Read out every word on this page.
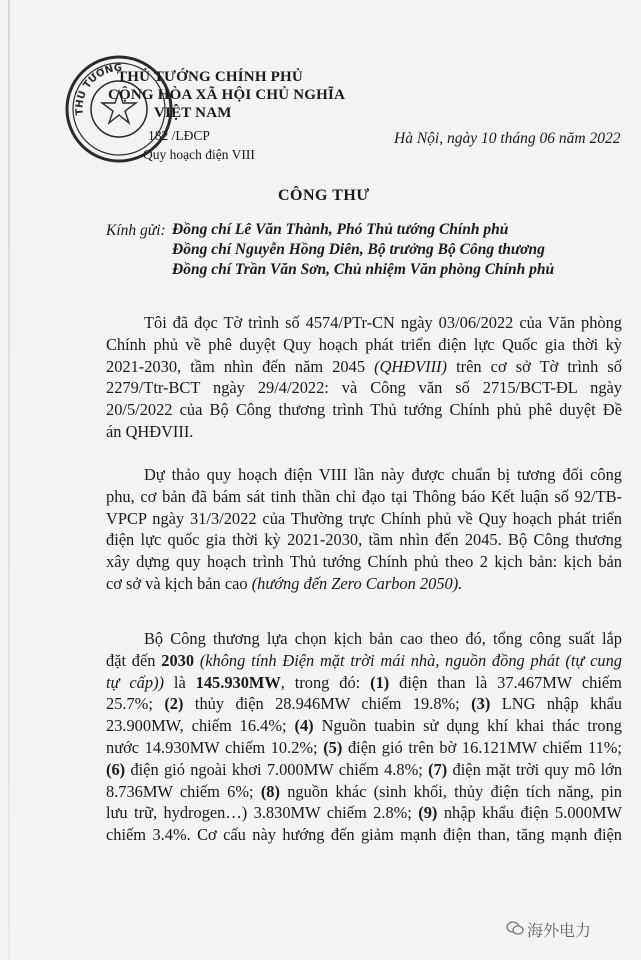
THỦ TƯỚNG
THỦ TƯỚNG CHÍNH PHỦ
CỘNG HÒA XÃ HỘI CHỦ NGHĨA
VIỆT NAM
182 /LĐCP
Quy hoạch điện VIII
Hà Nội, ngày 10 tháng 06 năm 2022
CÔNG THƯ
Kính gửi: Đồng chí Lê Văn Thành, Phó Thủ tướng Chính phủ
Đồng chí Nguyễn Hồng Diên, Bộ trưởng Bộ Công thương
Đồng chí Trần Văn Sơn, Chủ nhiệm Văn phòng Chính phủ
Tôi đã đọc Tờ trình số 4574/PTr-CN ngày 03/06/2022 của Văn phòng
Chính phủ về phê duyệt Quy hoạch phát triển điện lực Quốc gia thời kỳ
2021-2030, tầm nhìn đến năm 2045 (QHĐVIII) trên cơ sở Tờ trình số
2279/Ttr-BCT ngày 29/4/2022: và Công văn số 2715/BCT-ĐL ngày
20/5/2022 của Bộ Công thương trình Thủ tướng Chính phủ phê duyệt Đề
án QHĐVIII.
Dự thảo quy hoạch điện VIII lần này được chuẩn bị tương đối công
phu, cơ bản đã bám sát tinh thần chỉ đạo tại Thông báo Kết luận số 92/TB-
VPCP ngày 31/3/2022 của Thường trực Chính phủ về Quy hoạch phát triển
điện lực quốc gia thời kỳ 2021-2030, tầm nhìn đến 2045. Bộ Công thương
xây dựng quy hoạch trình Thủ tướng Chính phủ theo 2 kịch bản: kịch bản
cơ sở và kịch bản cao (hướng đến Zero Carbon 2050).
Bộ Công thương lựa chọn kịch bản cao theo đó, tổng công suất lắp
đặt đến 2030 (không tính Điện mặt trời mái nhà, nguồn đồng phát (tự cung
tự cấp)) là 145.930MW, trong đó: (1) điện than là 37.467MW chiếm
25.7%; (2) thủy điện 28.946MW chiếm 19.8%; (3) LNG nhập khẩu
23.900MW, chiếm 16.4%; (4) Nguồn tuabin sử dụng khí khai thác trong
nước 14.930MW chiếm 10.2%; (5) điện gió trên bờ 16.121MW chiếm 11%;
(6) điện gió ngoài khơi 7.000MW chiếm 4.8%; (7) điện mặt trời quy mô lớn
8.736MW chiếm 6%; (8) nguồn khác (sinh khối, thủy điện tích năng, pin
lưu trữ, hydrogen…) 3.830MW chiếm 2.8%; (9) nhập khẩu điện 5.000MW
chiếm 3.4%. Cơ cấu này hướng đến giảm mạnh điện than, tăng mạnh điện
海外电力
